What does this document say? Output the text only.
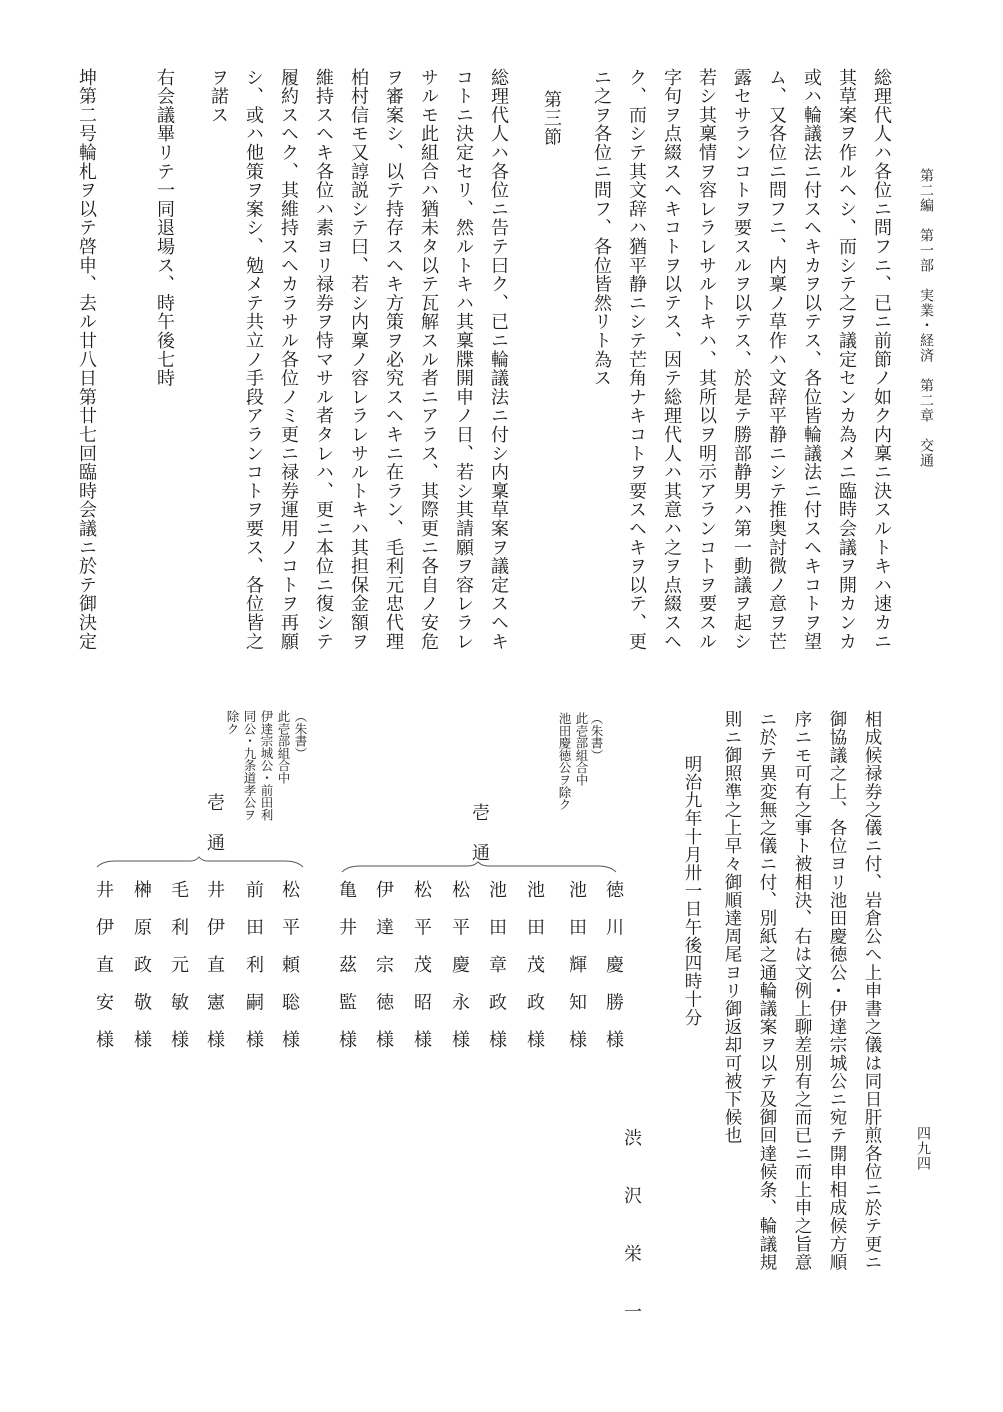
第二編　第一部　実業・経済　第二章　交通
四九四
総理代人ハ各位ニ問フニ、已ニ前節ノ如ク内稟ニ決スルトキハ速カニ
其草案ヲ作ルヘシ、而シテ之ヲ議定センカ為メニ臨時会議ヲ開カンカ
或ハ輪議法ニ付スヘキカヲ以テス、各位皆輪議法ニ付スヘキコトヲ望
ム、又各位ニ問フニ、内稟ノ草作ハ文辞平静ニシテ推奥討微ノ意ヲ芒
露セサランコトヲ要スルヲ以テス、於是テ勝部静男ハ第一動議ヲ起シ
若シ其稟情ヲ容レラレサルトキハ、其所以ヲ明示アランコトヲ要スル
字句ヲ点綴スヘキコトヲ以テス、因テ総理代人ハ其意ハ之ヲ点綴スヘ
ク、而シテ其文辞ハ猶平静ニシテ芒角ナキコトヲ要スヘキヲ以テ、更
ニ之ヲ各位ニ問フ、各位皆然リト為ス
第三節
総理代人ハ各位ニ告テ曰ク、已ニ輪議法ニ付シ内稟草案ヲ議定スヘキ
コトニ決定セリ、然ルトキハ其稟牒開申ノ日、若シ其請願ヲ容レラレ
サルモ此組合ハ猶未タ以テ瓦解スル者ニアラス、其際更ニ各自ノ安危
ヲ審案シ、以テ持存スヘキ方策ヲ必究スヘキニ在ラン、毛利元忠代理
柏村信モ又諄説シテ曰、若シ内稟ノ容レラレサルトキハ其担保金額ヲ
維持スヘキ各位ハ素ヨリ禄券ヲ恃マサル者タレハ、更ニ本位ニ復シテ
履約スヘク、其維持スヘカラサル各位ノミ更ニ禄券運用ノコトヲ再願
シ、或ハ他策ヲ案シ、勉メテ共立ノ手段アランコトヲ要ス、各位皆之
ヲ諾ス
右会議畢リテ一同退場ス、時午後七時
坤第二号輪札ヲ以テ啓申、去ル廿八日第廿七回臨時会議ニ於テ御決定
相成候禄券之儀ニ付、岩倉公へ上申書之儀は同日肝煎各位ニ於テ更ニ
御協議之上、各位ヨリ池田慶徳公・伊達宗城公ニ宛テ開申相成候方順
序ニモ可有之事ト被相決、右は文例上聊差別有之而已ニ而上申之旨意
ニ於テ異変無之儀ニ付、別紙之通輪議案ヲ以テ及御回達候条、輪議規
則ニ御照準之上早々御順達周尾ヨリ御返却可被下候也
明治九年十月卅一日午後四時十分
渋沢栄一
（朱書）
此壱部組合中
池田慶徳公ヲ除ク
壱通
徳川慶勝様
池田輝知様
池田茂政様
池田章政様
松平慶永様
松平茂昭様
伊達宗徳様
亀井茲監様
（朱書）
此壱部組合中
伊達宗城公・前田利
同公・九条道孝公ヲ
除ク
壱通
松平頼聡様
前田利嗣様
井伊直憲様
毛利元敏様
榊原政敬様
井伊直安様
